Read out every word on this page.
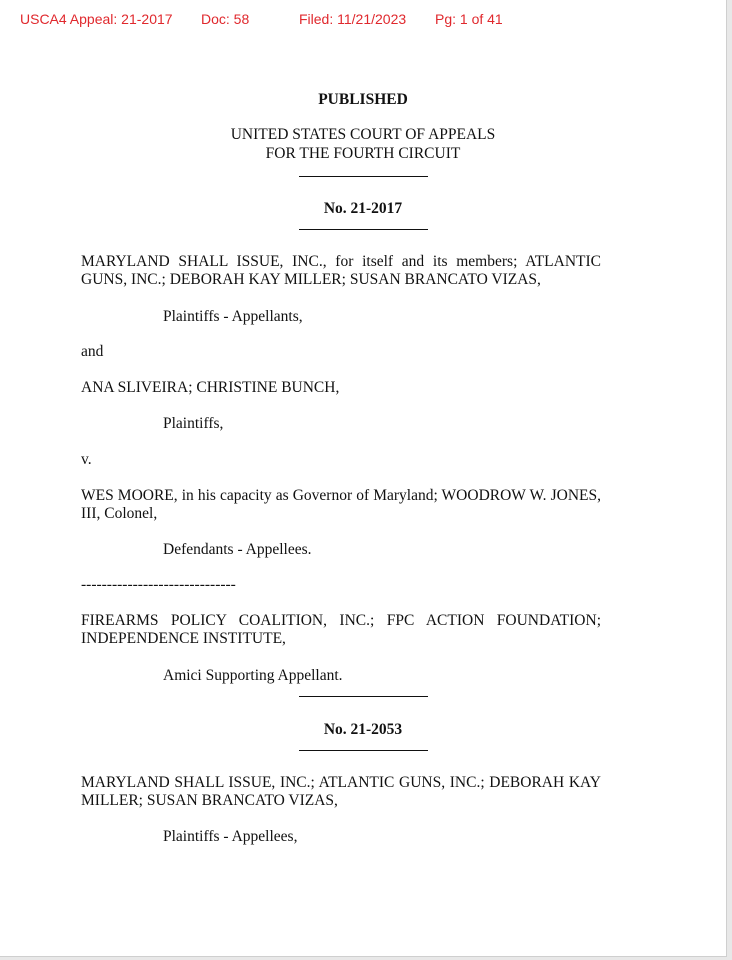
USCA4 Appeal: 21-2017 Doc: 58	Filed: 11/21/2023 Pg: 1 of 41
PUBLISHED
UNITED STATES COURT OF APPEALS
FOR THE FOURTH CIRCUIT
No. 21-2017
MARYLAND SHALL ISSUE, INC., for itself and its members; ATLANTIC
GUNS, INC.; DEBORAH KAY MILLER; SUSAN BRANCATO VIZAS,
Plaintiffs - Appellants,
and
ANA SLIVEIRA; CHRISTINE BUNCH,
Plaintiffs,
v.
WES MOORE, in his capacity as Governor of Maryland; WOODROW W. JONES,
III, Colonel,
Defendants - Appellees.
------------------------------
FIREARMS POLICY COALITION, INC.; FPC ACTION FOUNDATION;
INDEPENDENCE INSTITUTE,
Amici Supporting Appellant.
No. 21-2053
MARYLAND SHALL ISSUE, INC.; ATLANTIC GUNS, INC.; DEBORAH KAY
MILLER; SUSAN BRANCATO VIZAS,
Plaintiffs - Appellees,
